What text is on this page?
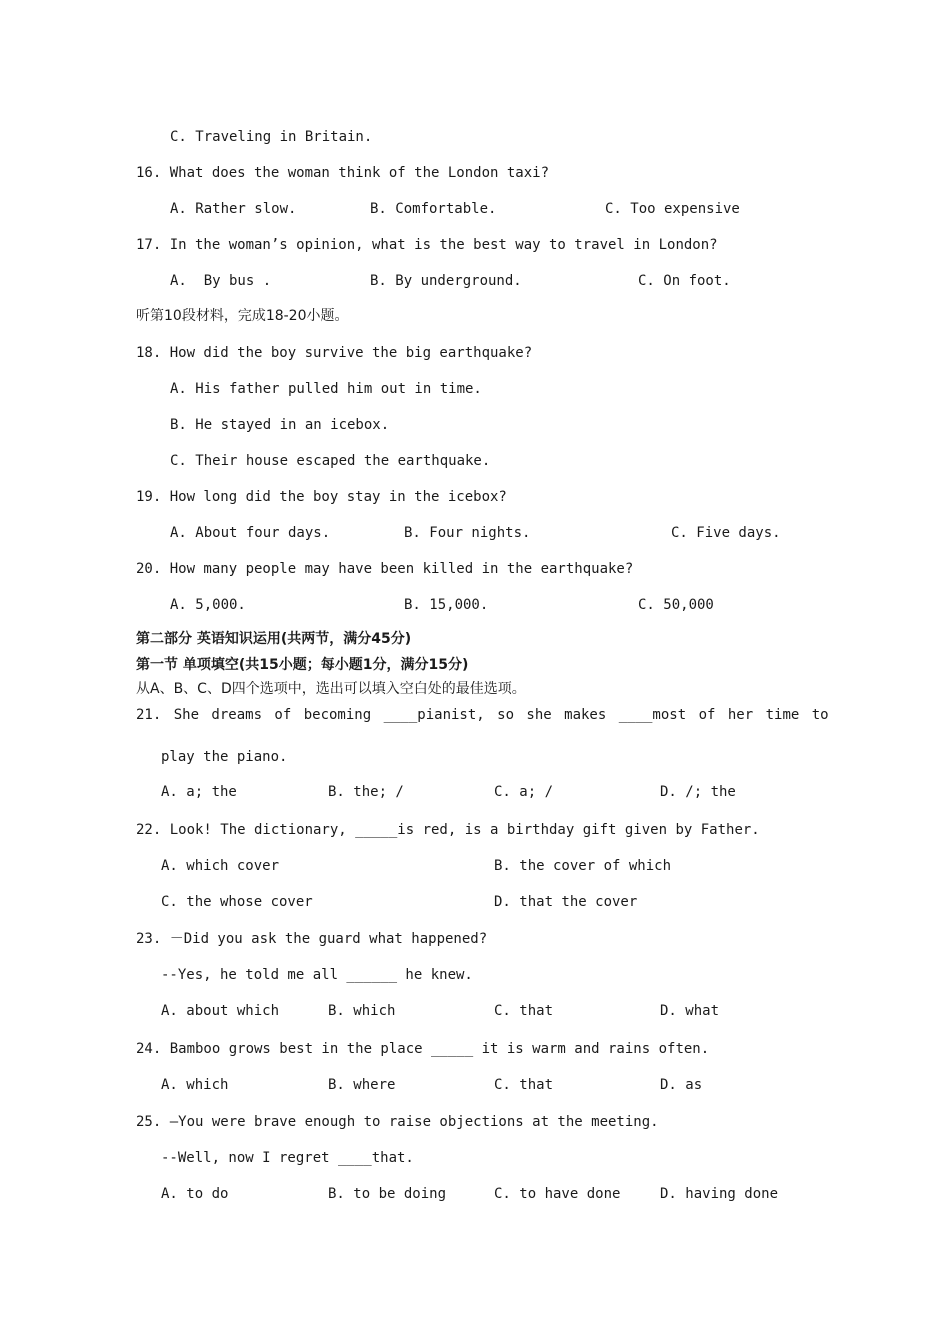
C. Traveling in Britain.
16. What does the woman think of the London taxi?
A. Rather slow.	B. Comfortable.	C. Too expensive
17. In the woman’s opinion, what is the best way to travel in London?
A.  By bus .	B. By underground.	C. On foot.
听第10段材料，完成18-20小题。
18. How did the boy survive the big earthquake?
A. His father pulled him out in time.
B. He stayed in an icebox.
C. Their house escaped the earthquake.
19. How long did the boy stay in the icebox?
A. About four days.	B. Four nights.	C. Five days.
20. How many people may have been killed in the earthquake?
A. 5,000.	B. 15,000.	C. 50,000
第二部分 英语知识运用(共两节，满分45分)
第一节 单项填空(共15小题；每小题1分，满分15分)
从A、B、C、D四个选项中，选出可以填入空白处的最佳选项。
21. She dreams of becoming ____pianist, so she makes ____most of her time to
play the piano.
A. a; the	B. the; /	C. a; /	D. /; the
22. Look! The dictionary, _____is red, is a birthday gift given by Father.
A. which cover	B. the cover of which
C. the whose cover	D. that the cover
23. －Did you ask the guard what happened?
--Yes, he told me all ______ he knew.
A. about which	B. which	C. that	D. what
24. Bamboo grows best in the place _____ it is warm and rains often.
A. which	B. where	C. that	D. as
25. —You were brave enough to raise objections at the meeting.
--Well, now I regret ____that.
A. to do	B. to be doing	C. to have done	D. having done
